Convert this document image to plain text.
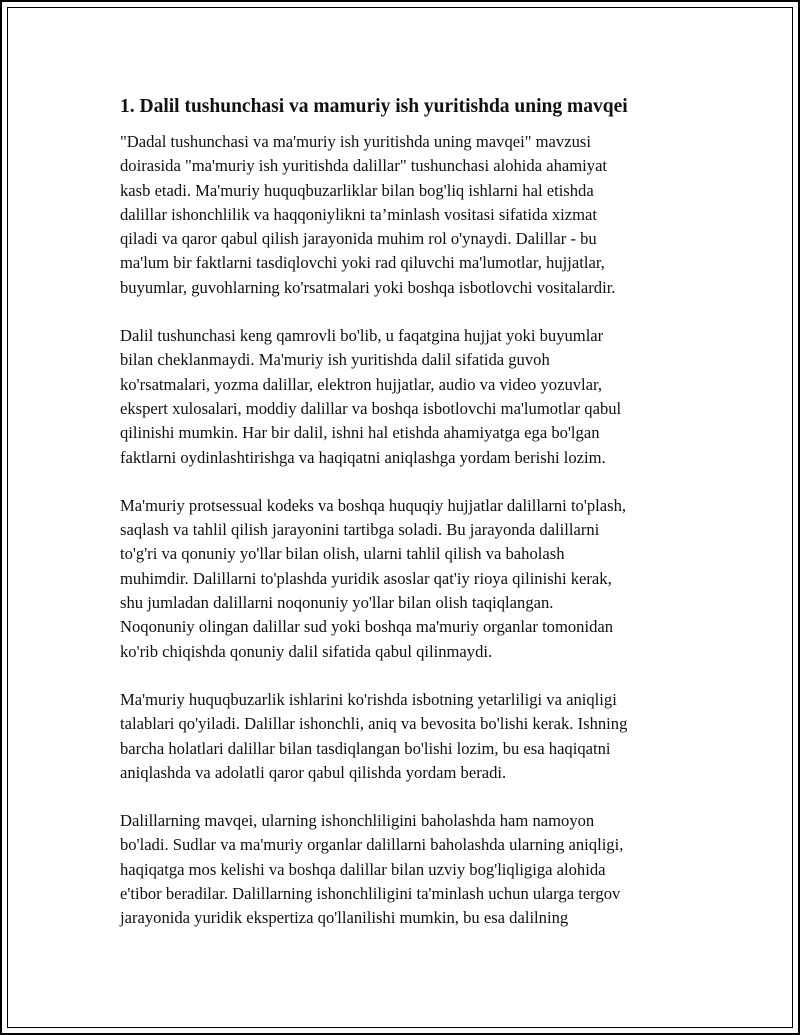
1. Dalil tushunchasi va mamuriy ish yuritishda uning mavqei

"Dadal tushunchasi va ma'muriy ish yuritishda uning mavqei" mavzusi
doirasida "ma'muriy ish yuritishda dalillar" tushunchasi alohida ahamiyat
kasb etadi. Ma'muriy huquqbuzarliklar bilan bog'liq ishlarni hal etishda
dalillar ishonchlilik va haqqoniylikni ta’minlash vositasi sifatida xizmat
qiladi va qaror qabul qilish jarayonida muhim rol o'ynaydi. Dalillar - bu
ma'lum bir faktlarni tasdiqlovchi yoki rad qiluvchi ma'lumotlar, hujjatlar,
buyumlar, guvohlarning ko'rsatmalari yoki boshqa isbotlovchi vositalardir.

Dalil tushunchasi keng qamrovli bo'lib, u faqatgina hujjat yoki buyumlar
bilan cheklanmaydi. Ma'muriy ish yuritishda dalil sifatida guvoh
ko'rsatmalari, yozma dalillar, elektron hujjatlar, audio va video yozuvlar,
ekspert xulosalari, moddiy dalillar va boshqa isbotlovchi ma'lumotlar qabul
qilinishi mumkin. Har bir dalil, ishni hal etishda ahamiyatga ega bo'lgan
faktlarni oydinlashtirishga va haqiqatni aniqlashga yordam berishi lozim.

Ma'muriy protsessual kodeks va boshqa huquqiy hujjatlar dalillarni to'plash,
saqlash va tahlil qilish jarayonini tartibga soladi. Bu jarayonda dalillarni
to'g'ri va qonuniy yo'llar bilan olish, ularni tahlil qilish va baholash
muhimdir. Dalillarni to'plashda yuridik asoslar qat'iy rioya qilinishi kerak,
shu jumladan dalillarni noqonuniy yo'llar bilan olish taqiqlangan.
Noqonuniy olingan dalillar sud yoki boshqa ma'muriy organlar tomonidan
ko'rib chiqishda qonuniy dalil sifatida qabul qilinmaydi.

Ma'muriy huquqbuzarlik ishlarini ko'rishda isbotning yetarliligi va aniqligi
talablari qo'yiladi. Dalillar ishonchli, aniq va bevosita bo'lishi kerak. Ishning
barcha holatlari dalillar bilan tasdiqlangan bo'lishi lozim, bu esa haqiqatni
aniqlashda va adolatli qaror qabul qilishda yordam beradi.

Dalillarning mavqei, ularning ishonchliligini baholashda ham namoyon
bo'ladi. Sudlar va ma'muriy organlar dalillarni baholashda ularning aniqligi,
haqiqatga mos kelishi va boshqa dalillar bilan uzviy bog'liqligiga alohida
e'tibor beradilar. Dalillarning ishonchliligini ta'minlash uchun ularga tergov
jarayonida yuridik ekspertiza qo'llanilishi mumkin, bu esa dalilning
